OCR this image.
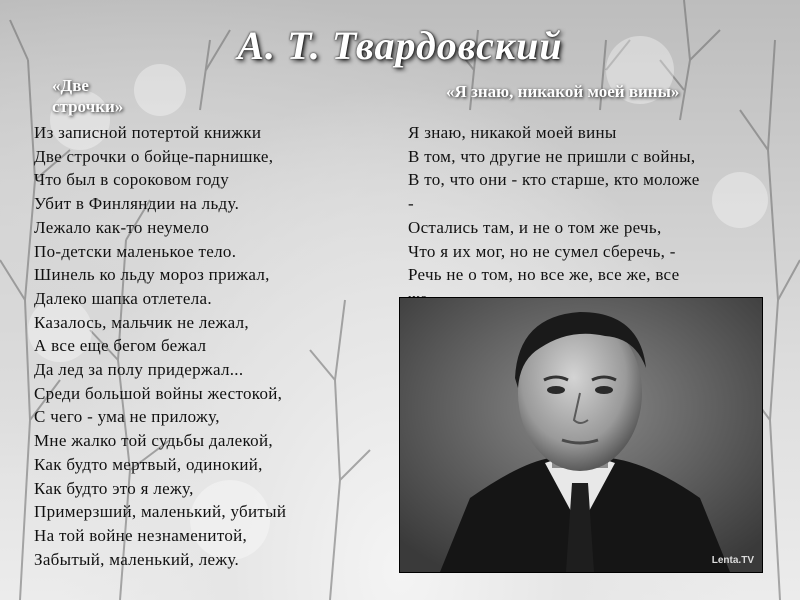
А. Т. Твардовский
«Две строчки»
«Я знаю, никакой моей вины»
Из записной потертой книжки
Две строчки о бойце-парнишке,
Что был в сороковом году
Убит в Финляндии на льду.
Лежало как-то неумело
По-детски маленькое тело.
Шинель ко льду мороз прижал,
Далеко шапка отлетела.
Казалось, мальчик не лежал,
А все еще бегом бежал
Да лед за полу придержал...
Среди большой войны жестокой,
С чего - ума не приложу,
Мне жалко той судьбы далекой,
Как будто мертвый, одинокий,
Как будто это я лежу,
Примерзший, маленький, убитый
На той войне незнаменитой,
Забытый, маленький, лежу.
Я знаю, никакой моей вины
В том, что другие не пришли с войны,
В то, что они - кто старше, кто моложе
-
Остались там, и не о том же речь,
Что я их мог, но не сумел сберечь, -
Речь не о том, но все же, все же, все
Lenta.TV
